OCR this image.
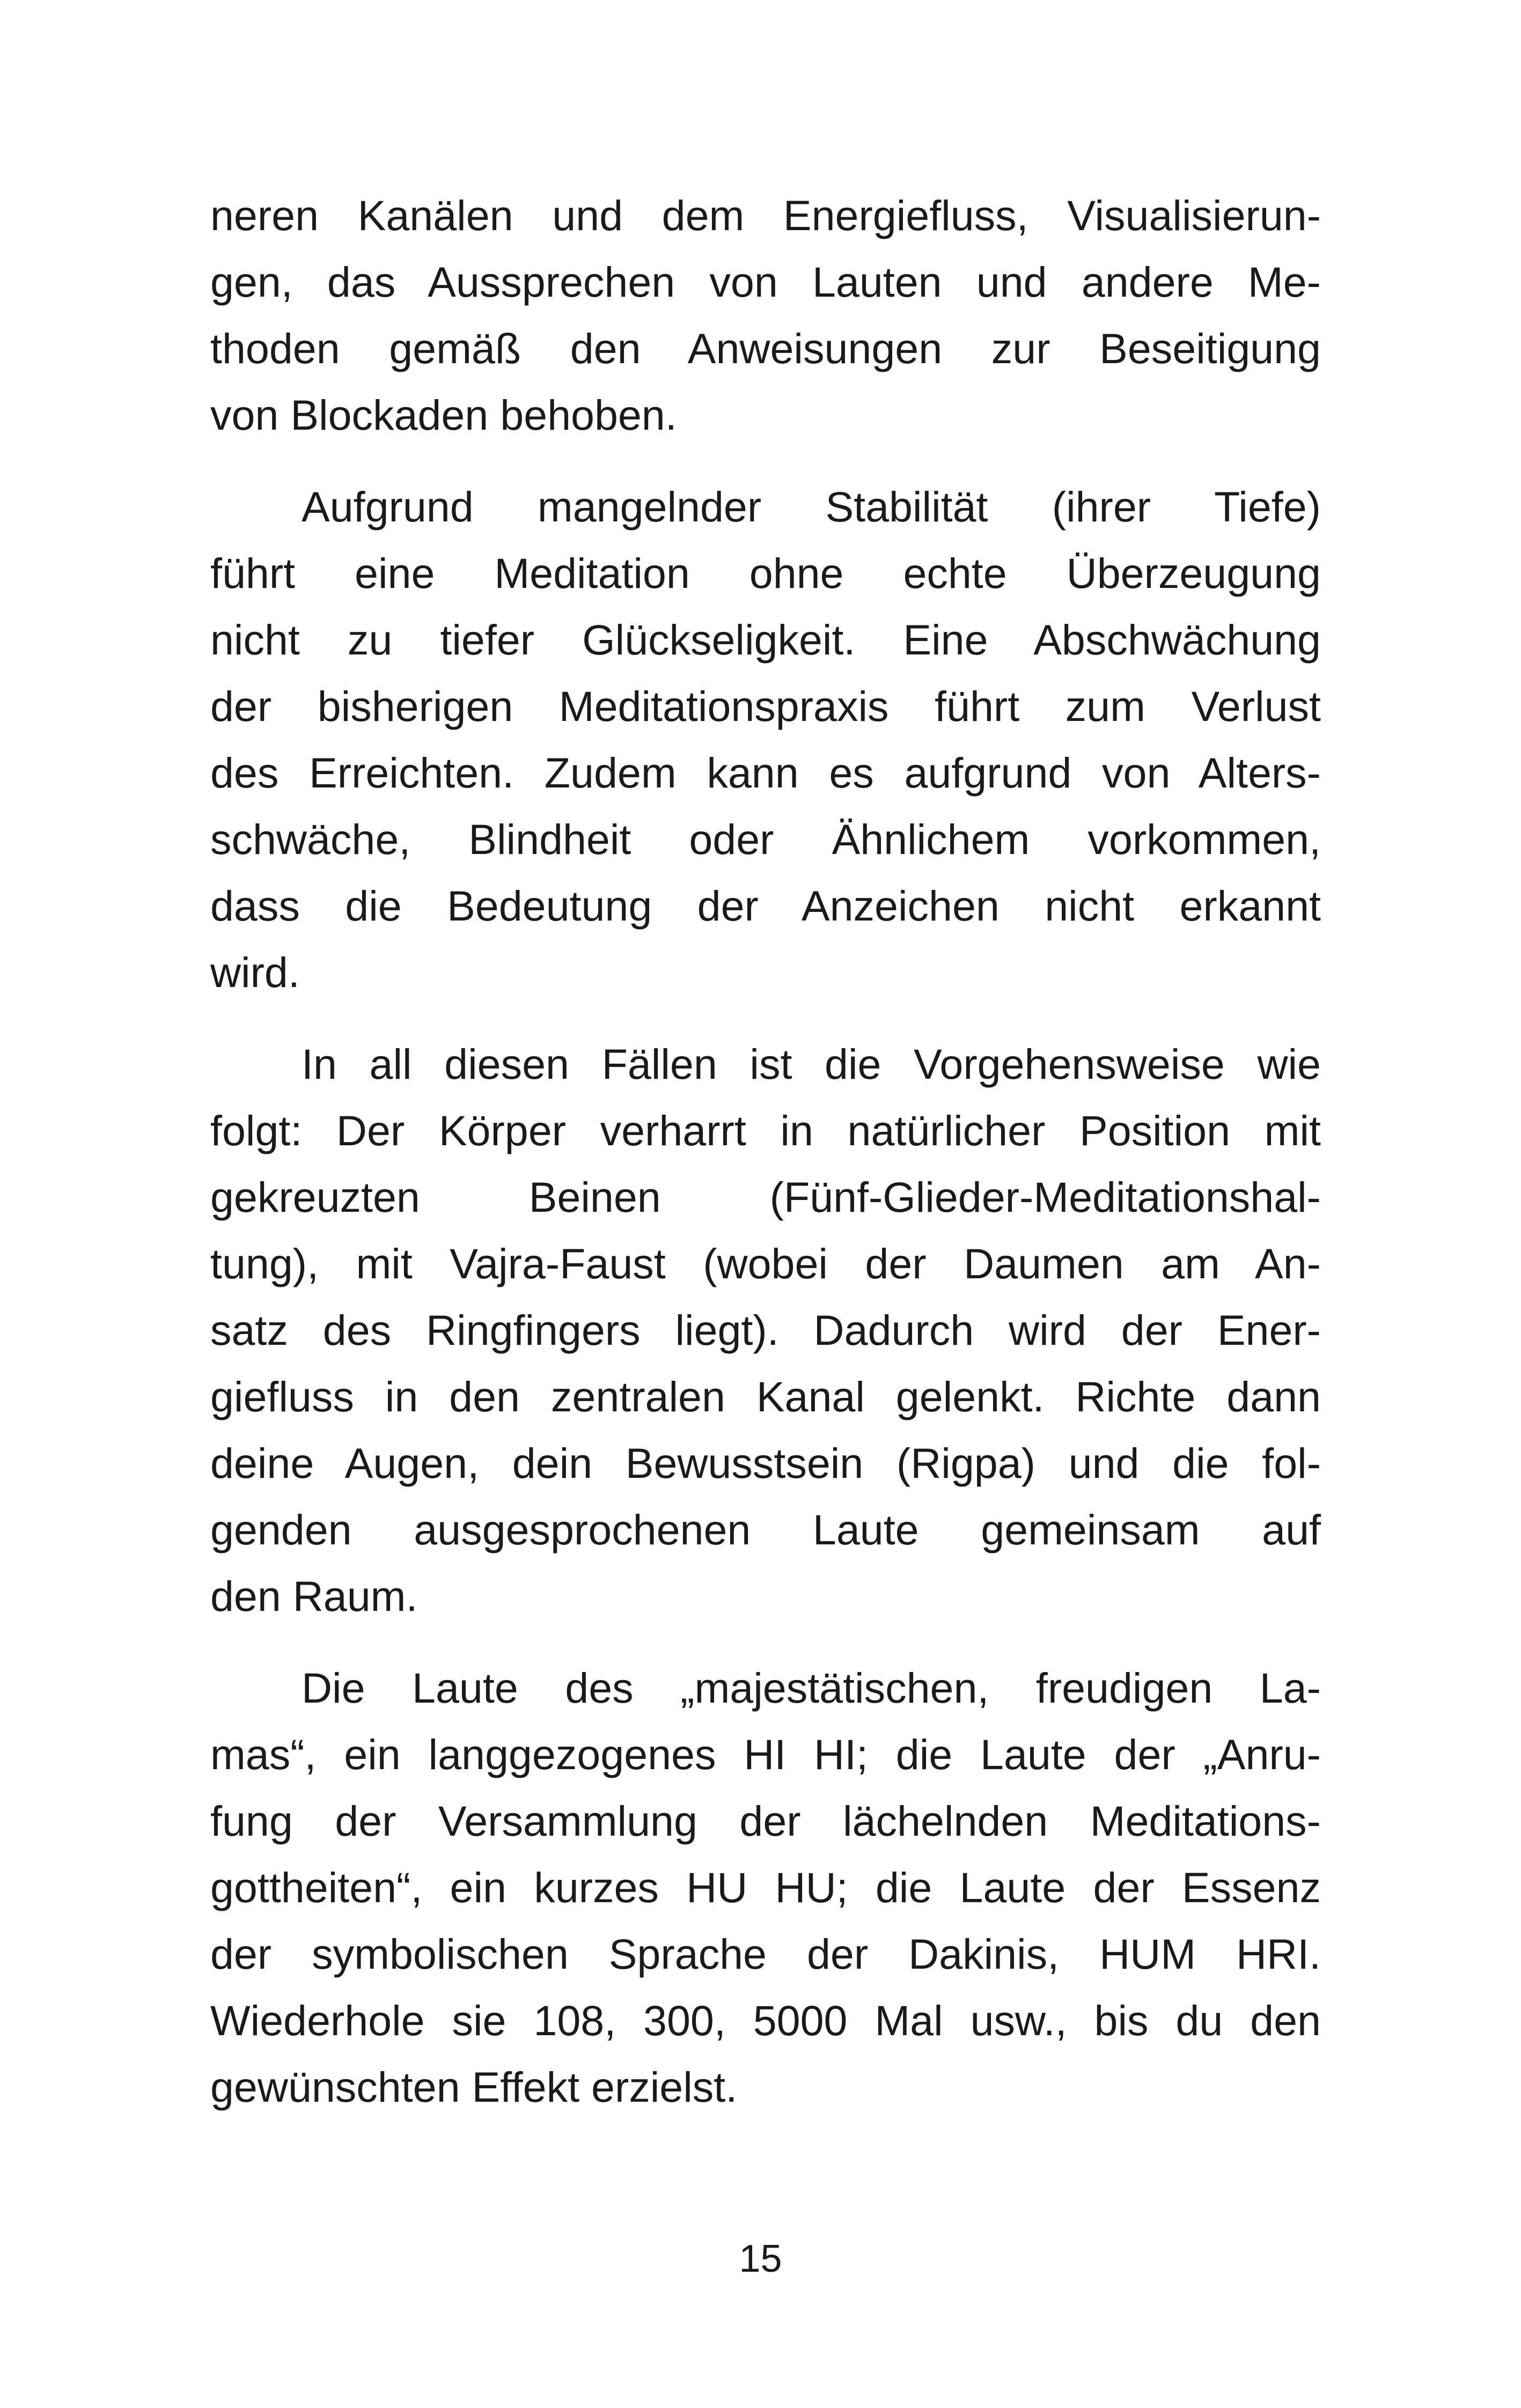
neren Kanälen und dem Energiefluss, Visualisierun-
gen, das Aussprechen von Lauten und andere Me-
thoden gemäß den Anweisungen zur Beseitigung
von Blockaden behoben.
Aufgrund mangelnder Stabilität (ihrer Tiefe)
führt eine Meditation ohne echte Überzeugung
nicht zu tiefer Glückseligkeit. Eine Abschwächung
der bisherigen Meditationspraxis führt zum Verlust
des Erreichten. Zudem kann es aufgrund von Alters-
schwäche, Blindheit oder Ähnlichem vorkommen,
dass die Bedeutung der Anzeichen nicht erkannt
wird.
In all diesen Fällen ist die Vorgehensweise wie
folgt: Der Körper verharrt in natürlicher Position mit
gekreuzten Beinen (Fünf-Glieder-Meditationshal-
tung), mit Vajra-Faust (wobei der Daumen am An-
satz des Ringfingers liegt). Dadurch wird der Ener-
giefluss in den zentralen Kanal gelenkt. Richte dann
deine Augen, dein Bewusstsein (Rigpa) und die fol-
genden ausgesprochenen Laute gemeinsam auf
den Raum.
Die Laute des „majestätischen, freudigen La-
mas“, ein langgezogenes HI HI; die Laute der „Anru-
fung der Versammlung der lächelnden Meditations-
gottheiten“, ein kurzes HU HU; die Laute der Essenz
der symbolischen Sprache der Dakinis, HUM HRI.
Wiederhole sie 108, 300, 5000 Mal usw., bis du den
gewünschten Effekt erzielst.
15
